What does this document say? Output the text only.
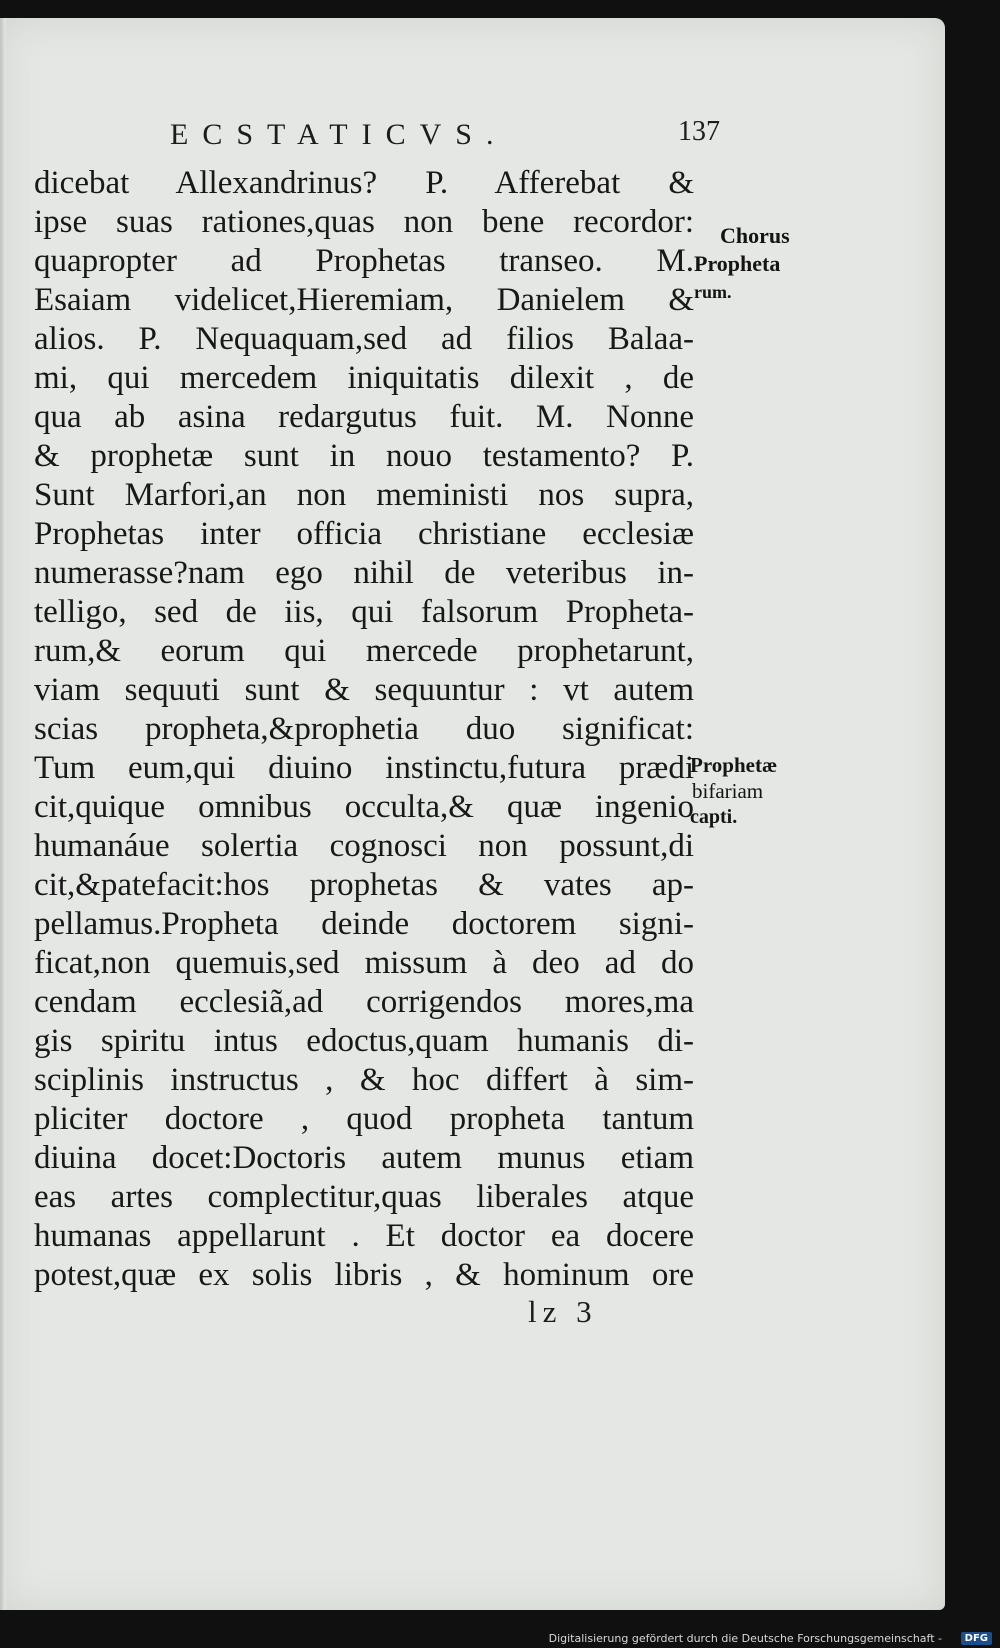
ECSTATICVS.	137
dicebat Allexandrinus? P. Afferebat &
ipse suas rationes,quas non bene recordor:
quapropter ad Prophetas transeo. M.
Esaiam videlicet,Hieremiam, Danielem &
alios. P. Nequaquam,sed ad filios Balaa-
mi, qui mercedem iniquitatis dilexit , de
qua ab asina redargutus fuit. M. Nonne
& prophetæ sunt in nouo testamento? P.
Sunt Marfori,an non meministi nos supra,
Prophetas inter officia christiane ecclesiæ
numerasse?nam ego nihil de veteribus in-
telligo, sed de iis, qui falsorum Propheta-
rum,& eorum qui mercede prophetarunt,
viam sequuti sunt & sequuntur : vt autem
scias propheta,&prophetia duo significat:
Tum eum,qui diuino instinctu,futura prædi
cit,quique omnibus occulta,& quæ ingenio
humanáue solertia cognosci non possunt,di
cit,&patefacit:hos prophetas & vates ap-
pellamus.Propheta deinde doctorem signi-
ficat,non quemuis,sed missum à deo ad do
cendam ecclesiã,ad corrigendos mores,ma
gis spiritu intus edoctus,quam humanis di-
sciplinis instructus , & hoc differt à sim-
pliciter doctore , quod propheta tantum
diuina docet:Doctoris autem munus etiam
eas artes complectitur,quas liberales atque
humanas appellarunt . Et doctor ea docere
potest,quæ ex solis libris , & hominum ore
Chorus
Propheta
rum.
Prophetæ
bifariam
capti.
lz 3
Digitalisierung gefördert durch die Deutsche Forschungsgemeinschaft -	DFG
